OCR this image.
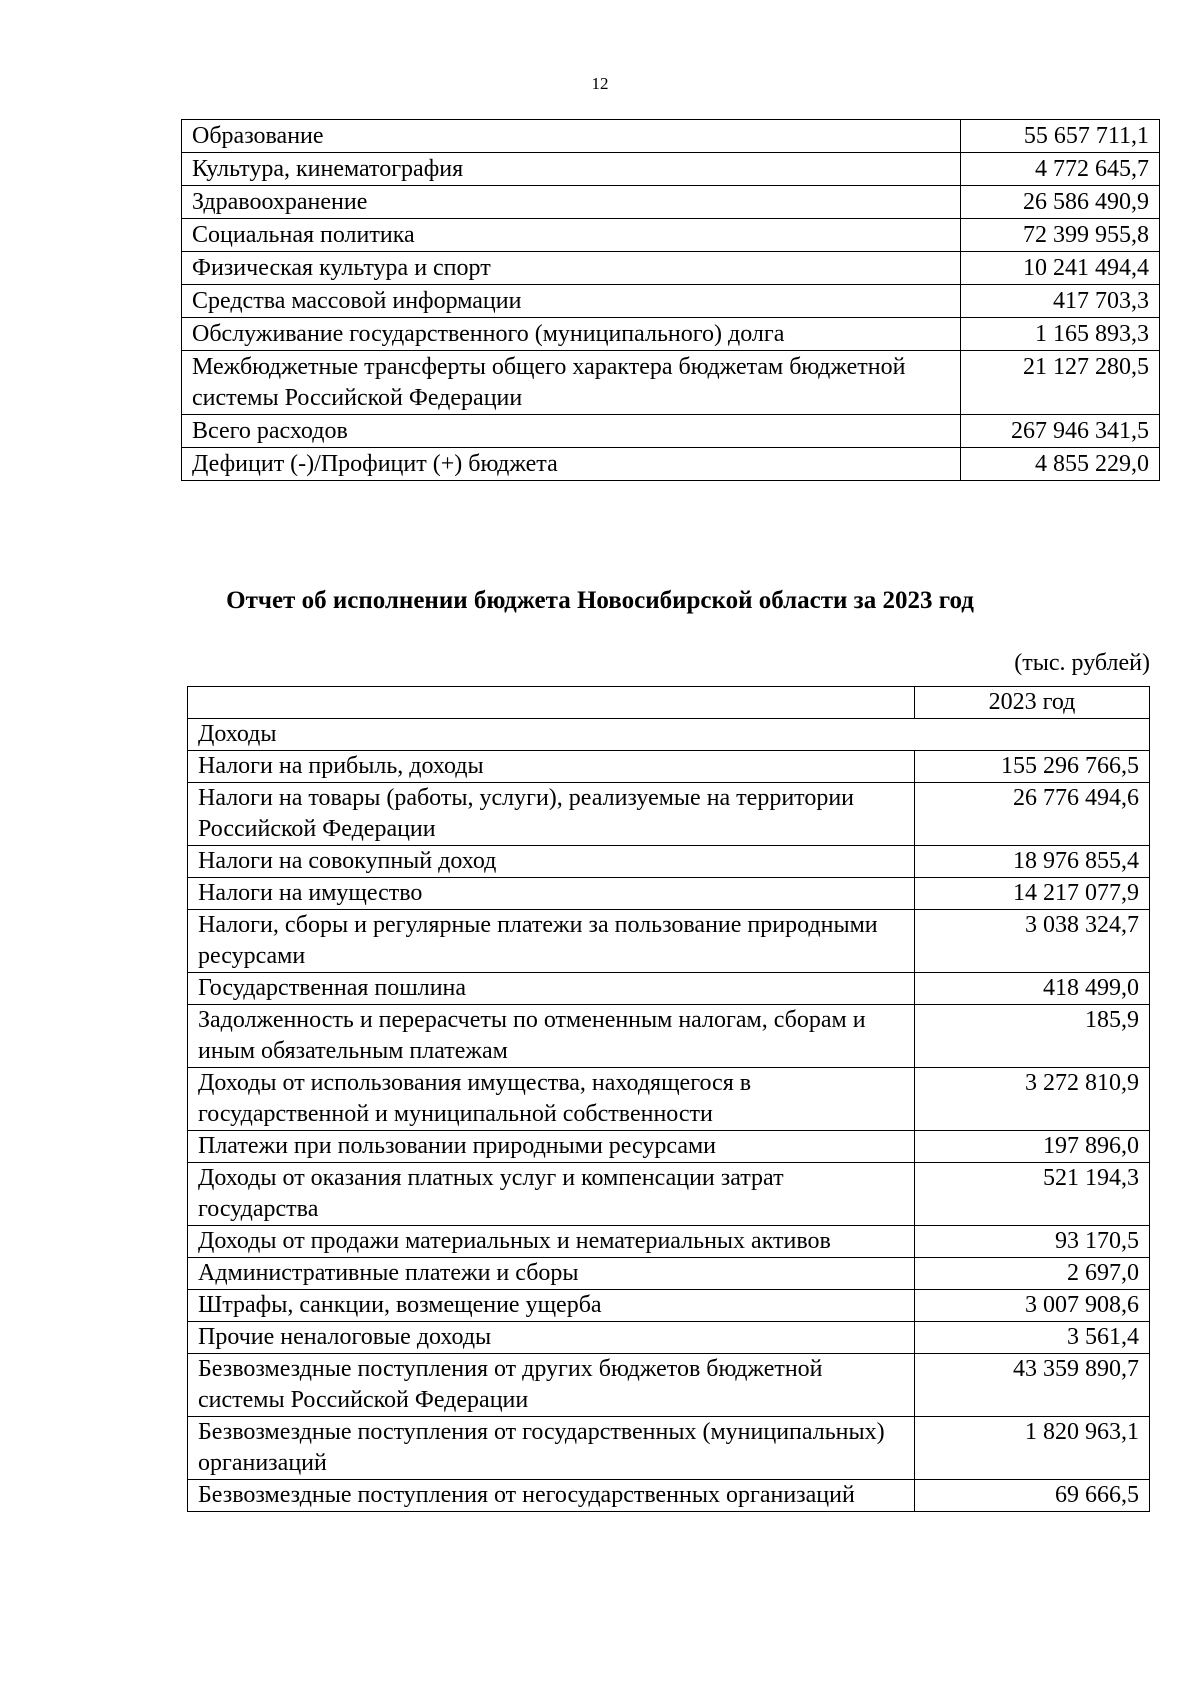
12
Образование	55 657 711,1
Культура, кинематография	4 772 645,7
Здравоохранение	26 586 490,9
Социальная политика	72 399 955,8
Физическая культура и спорт	10 241 494,4
Средства массовой информации	417 703,3
Обслуживание государственного (муниципального) долга	1 165 893,3
Межбюджетные трансферты общего характера бюджетам бюджетной системы Российской Федерации	21 127 280,5
Всего расходов	267 946 341,5
Дефицит (-)/Профицит (+) бюджета	4 855 229,0
Отчет об исполнении бюджета Новосибирской области за 2023 год
(тыс. рублей)
	2023 год
Доходы	
Налоги на прибыль, доходы	155 296 766,5
Налоги на товары (работы, услуги), реализуемые на территории Российской Федерации	26 776 494,6
Налоги на совокупный доход	18 976 855,4
Налоги на имущество	14 217 077,9
Налоги, сборы и регулярные платежи за пользование природными ресурсами	3 038 324,7
Государственная пошлина	418 499,0
Задолженность и перерасчеты по отмененным налогам, сборам и иным обязательным платежам	185,9
Доходы от использования имущества, находящегося в государственной и муниципальной собственности	3 272 810,9
Платежи при пользовании природными ресурсами	197 896,0
Доходы от оказания платных услуг и компенсации затрат государства	521 194,3
Доходы от продажи материальных и нематериальных активов	93 170,5
Административные платежи и сборы	2 697,0
Штрафы, санкции, возмещение ущерба	3 007 908,6
Прочие неналоговые доходы	3 561,4
Безвозмездные поступления от других бюджетов бюджетной системы Российской Федерации	43 359 890,7
Безвозмездные поступления от государственных (муниципальных) организаций	1 820 963,1
Безвозмездные поступления от негосударственных организаций	69 666,5
